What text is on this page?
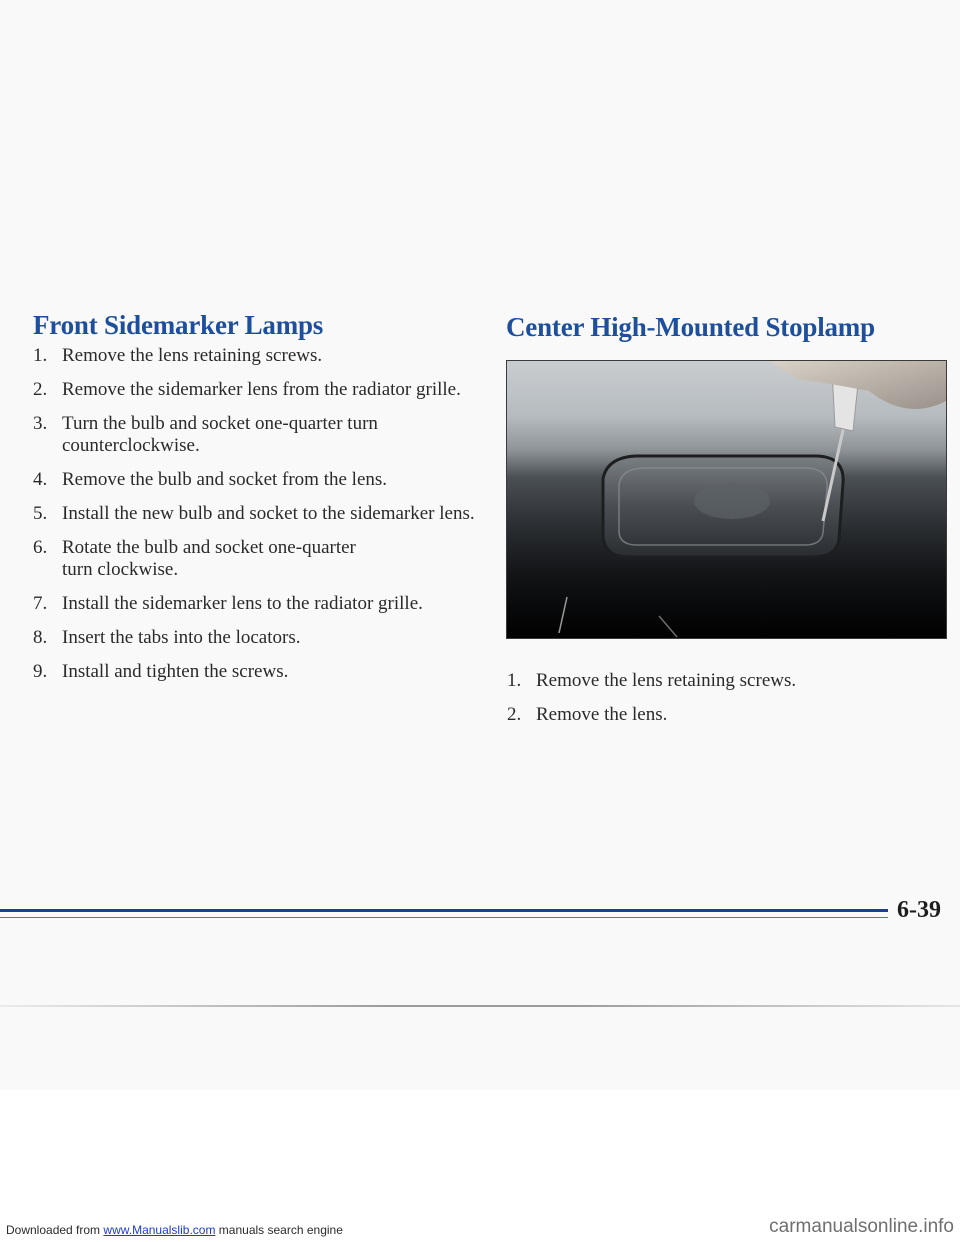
Front Sidemarker Lamps
1. Remove the lens retaining screws.
2. Remove the sidemarker lens from the radiator grille.
3. Turn the bulb and socket one-quarter turn counterclockwise.
4. Remove the bulb and socket from the lens.
5. Install the new bulb and socket to the sidemarker lens.
6. Rotate the bulb and socket one-quarter turn clockwise.
7. Install the sidemarker lens to the radiator grille.
8. Insert the tabs into the locators.
9. Install and tighten the screws.
Center High-Mounted Stoplamp
1. Remove the lens retaining screws.
2. Remove the lens.
6-39
Downloaded from www.Manualslib.com manuals search engine	carmanualsonline.info
